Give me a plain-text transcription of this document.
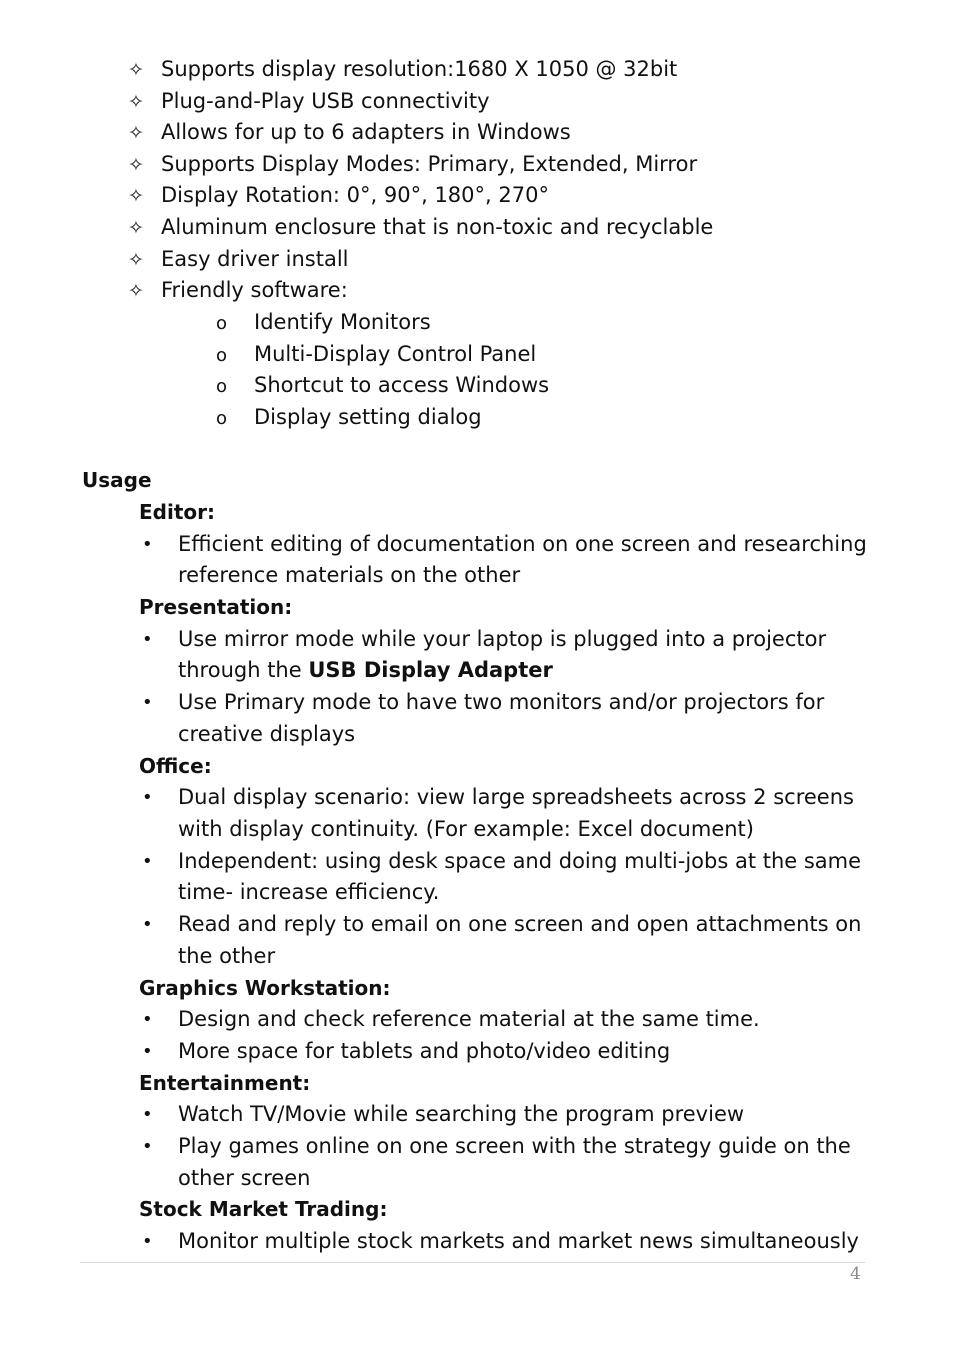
✧ Supports display resolution:1680 X 1050 @ 32bit
✧ Plug-and-Play USB connectivity
✧ Allows for up to 6 adapters in Windows
✧ Supports Display Modes: Primary, Extended, Mirror
✧ Display Rotation: 0°, 90°, 180°, 270°
✧ Aluminum enclosure that is non-toxic and recyclable
✧ Easy driver install
✧ Friendly software:
o Identify Monitors
o Multi-Display Control Panel
o Shortcut to access Windows
o Display setting dialog
Usage
Editor:
• Efficient editing of documentation on one screen and researching reference materials on the other
Presentation:
• Use mirror mode while your laptop is plugged into a projector through the USB Display Adapter
• Use Primary mode to have two monitors and/or projectors for creative displays
Office:
• Dual display scenario: view large spreadsheets across 2 screens with display continuity. (For example: Excel document)
• Independent: using desk space and doing multi-jobs at the same time- increase efficiency.
• Read and reply to email on one screen and open attachments on the other
Graphics Workstation:
• Design and check reference material at the same time.
• More space for tablets and photo/video editing
Entertainment:
• Watch TV/Movie while searching the program preview
• Play games online on one screen with the strategy guide on the other screen
Stock Market Trading:
• Monitor multiple stock markets and market news simultaneously
4
